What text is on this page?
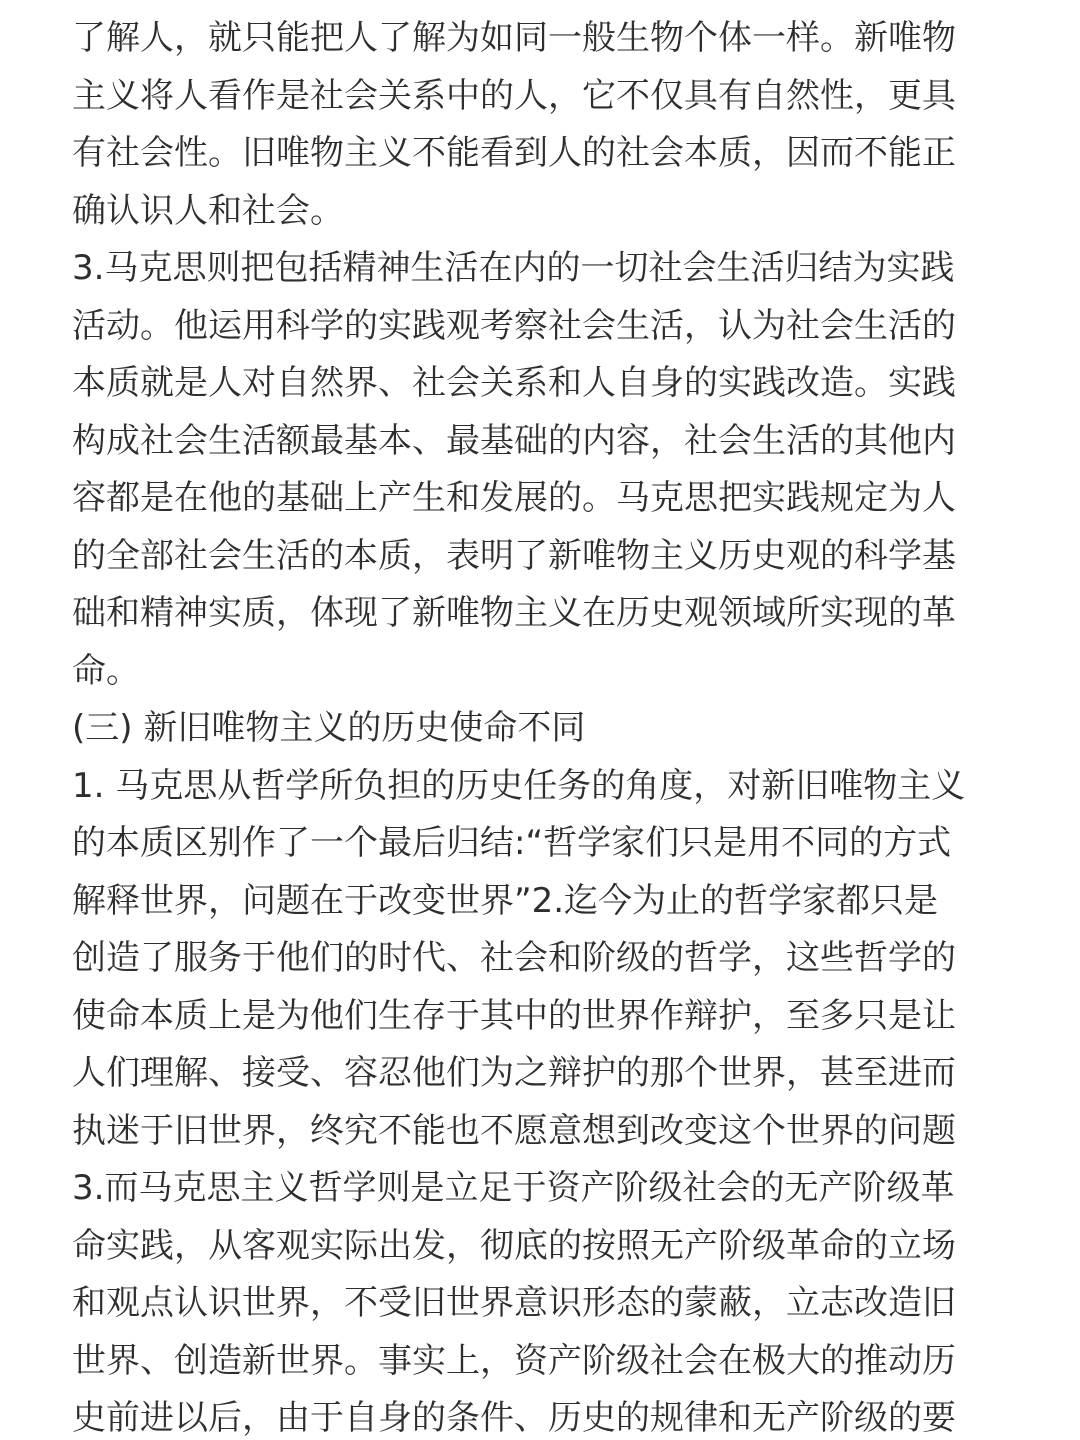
了解人，就只能把人了解为如同一般生物个体一样。新唯物
主义将人看作是社会关系中的人，它不仅具有自然性，更具
有社会性。旧唯物主义不能看到人的社会本质，因而不能正
确认识人和社会。
3.马克思则把包括精神生活在内的一切社会生活归结为实践
活动。他运用科学的实践观考察社会生活，认为社会生活的
本质就是人对自然界、社会关系和人自身的实践改造。实践
构成社会生活额最基本、最基础的内容，社会生活的其他内
容都是在他的基础上产生和发展的。马克思把实践规定为人
的全部社会生活的本质，表明了新唯物主义历史观的科学基
础和精神实质，体现了新唯物主义在历史观领域所实现的革
命。
(三) 新旧唯物主义的历史使命不同
1. 马克思从哲学所负担的历史任务的角度，对新旧唯物主义
的本质区别作了一个最后归结:“哲学家们只是用不同的方式
解释世界，问题在于改变世界”2.迄今为止的哲学家都只是
创造了服务于他们的时代、社会和阶级的哲学，这些哲学的
使命本质上是为他们生存于其中的世界作辩护，至多只是让
人们理解、接受、容忍他们为之辩护的那个世界，甚至进而
执迷于旧世界，终究不能也不愿意想到改变这个世界的问题
3.而马克思主义哲学则是立足于资产阶级社会的无产阶级革
命实践，从客观实际出发，彻底的按照无产阶级革命的立场
和观点认识世界，不受旧世界意识形态的蒙蔽，立志改造旧
世界、创造新世界。事实上，资产阶级社会在极大的推动历
史前进以后，由于自身的条件、历史的规律和无产阶级的要
